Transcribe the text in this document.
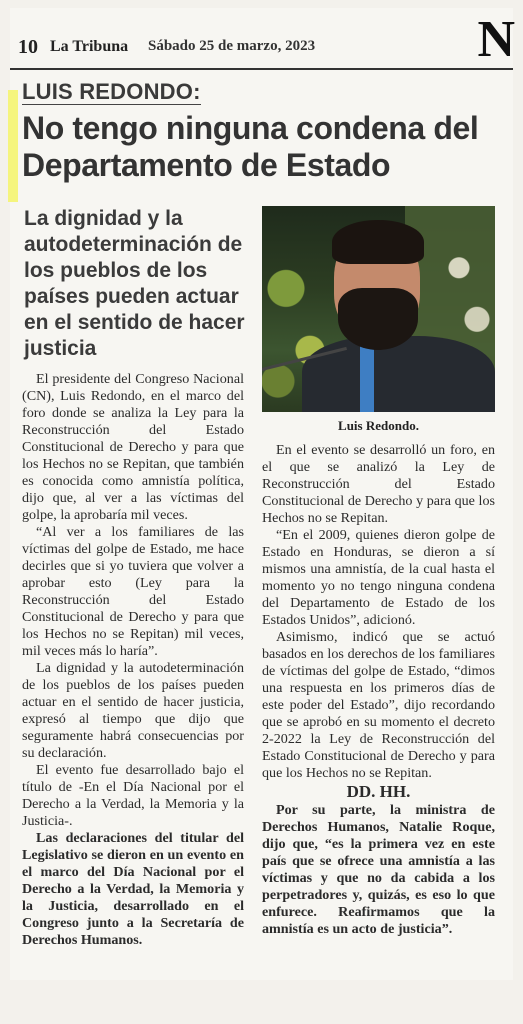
10 La Tribuna Sábado 25 de marzo, 2023	N
LUIS REDONDO:
No tengo ninguna condena del Departamento de Estado
La dignidad y la autodeterminación de los pueblos de los países pueden actuar en el sentido de hacer justicia
Luis Redondo.

El presidente del Congreso Nacional (CN), Luis Redondo, en el marco del foro donde se analiza la Ley para la Reconstrucción del Estado Constitucional de Derecho y para que los Hechos no se Repitan, que también es conocida como amnistía política, dijo que, al ver a las víctimas del golpe, la aprobaría mil veces.

“Al ver a los familiares de las víctimas del golpe de Estado, me hace decirles que si yo tuviera que volver a aprobar esto (Ley para la Reconstrucción del Estado Constitucional de Derecho y para que los Hechos no se Repitan) mil veces, mil veces más lo haría”.

La dignidad y la autodeterminación de los pueblos de los países pueden actuar en el sentido de hacer justicia, expresó al tiempo que dijo que seguramente habrá consecuencias por su declaración.

El evento fue desarrollado bajo el título de -En el Día Nacional por el Derecho a la Verdad, la Memoria y la Justicia-.

Las declaraciones del titular del Legislativo se dieron en un evento en el marco del Día Nacional por el Derecho a la Verdad, la Memoria y la Justicia, desarrollado en el Congreso junto a la Secretaría de Derechos Humanos.

En el evento se desarrolló un foro, en el que se analizó la Ley de Reconstrucción del Estado Constitucional de Derecho y para que los Hechos no se Repitan.

“En el 2009, quienes dieron golpe de Estado en Honduras, se dieron a sí mismos una amnistía, de la cual hasta el momento yo no tengo ninguna condena del Departamento de Estado de los Estados Unidos”, adicionó.

Asimismo, indicó que se actuó basados en los derechos de los familiares de víctimas del golpe de Estado, “dimos una respuesta en los primeros días de este poder del Estado”, dijo recordando que se aprobó en su momento el decreto 2-2022 la Ley de Reconstrucción del Estado Constitucional de Derecho y para que los Hechos no se Repitan.

DD. HH.

Por su parte, la ministra de Derechos Humanos, Natalie Roque, dijo que, “es la primera vez en este país que se ofrece una amnistía a las víctimas y que no da cabida a los perpetradores y, quizás, es eso lo que enfurece. Reafirmamos que la amnistía es un acto de justicia”.
